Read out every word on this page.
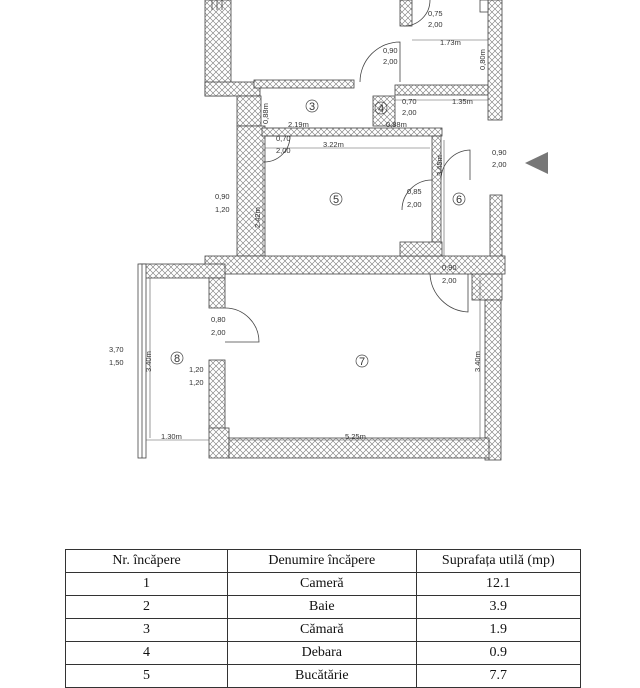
3	4
5	6
7
8
0,75
2,00
1.73m
0,90
2,00	0,80m
0,70
2,00
1.35m
0,88m
2.19m	0,88m
0,70
2,00
3.22m
0,90
2,00
0,90
1,20	2.42m
0,85
2,00
3.45m
0,90
2,00
0,80
2,00
3,70
1,50	3.40m	1,20
1,20
3.40m
1.30m	5.25m
Nr. încăpere	Denumire încăpere	Suprafața utilă (mp)
1	Cameră	12.1
2	Baie	3.9
3	Cămară	1.9
4	Debara	0.9
5	Bucătărie	7.7
